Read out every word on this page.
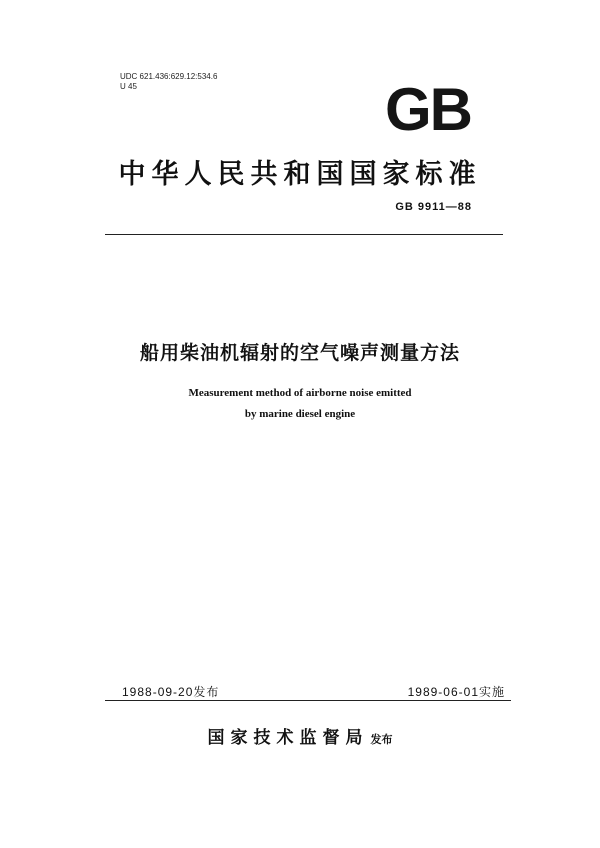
UDC 621.436:629.12:534.6
U 45	GB
中华人民共和国国家标准
GB 9911—88
船用柴油机辐射的空气噪声测量方法
Measurement method of airborne noise emitted
by marine diesel engine
1988-09-20发布	1989-06-01实施
国家技术监督局 发布
